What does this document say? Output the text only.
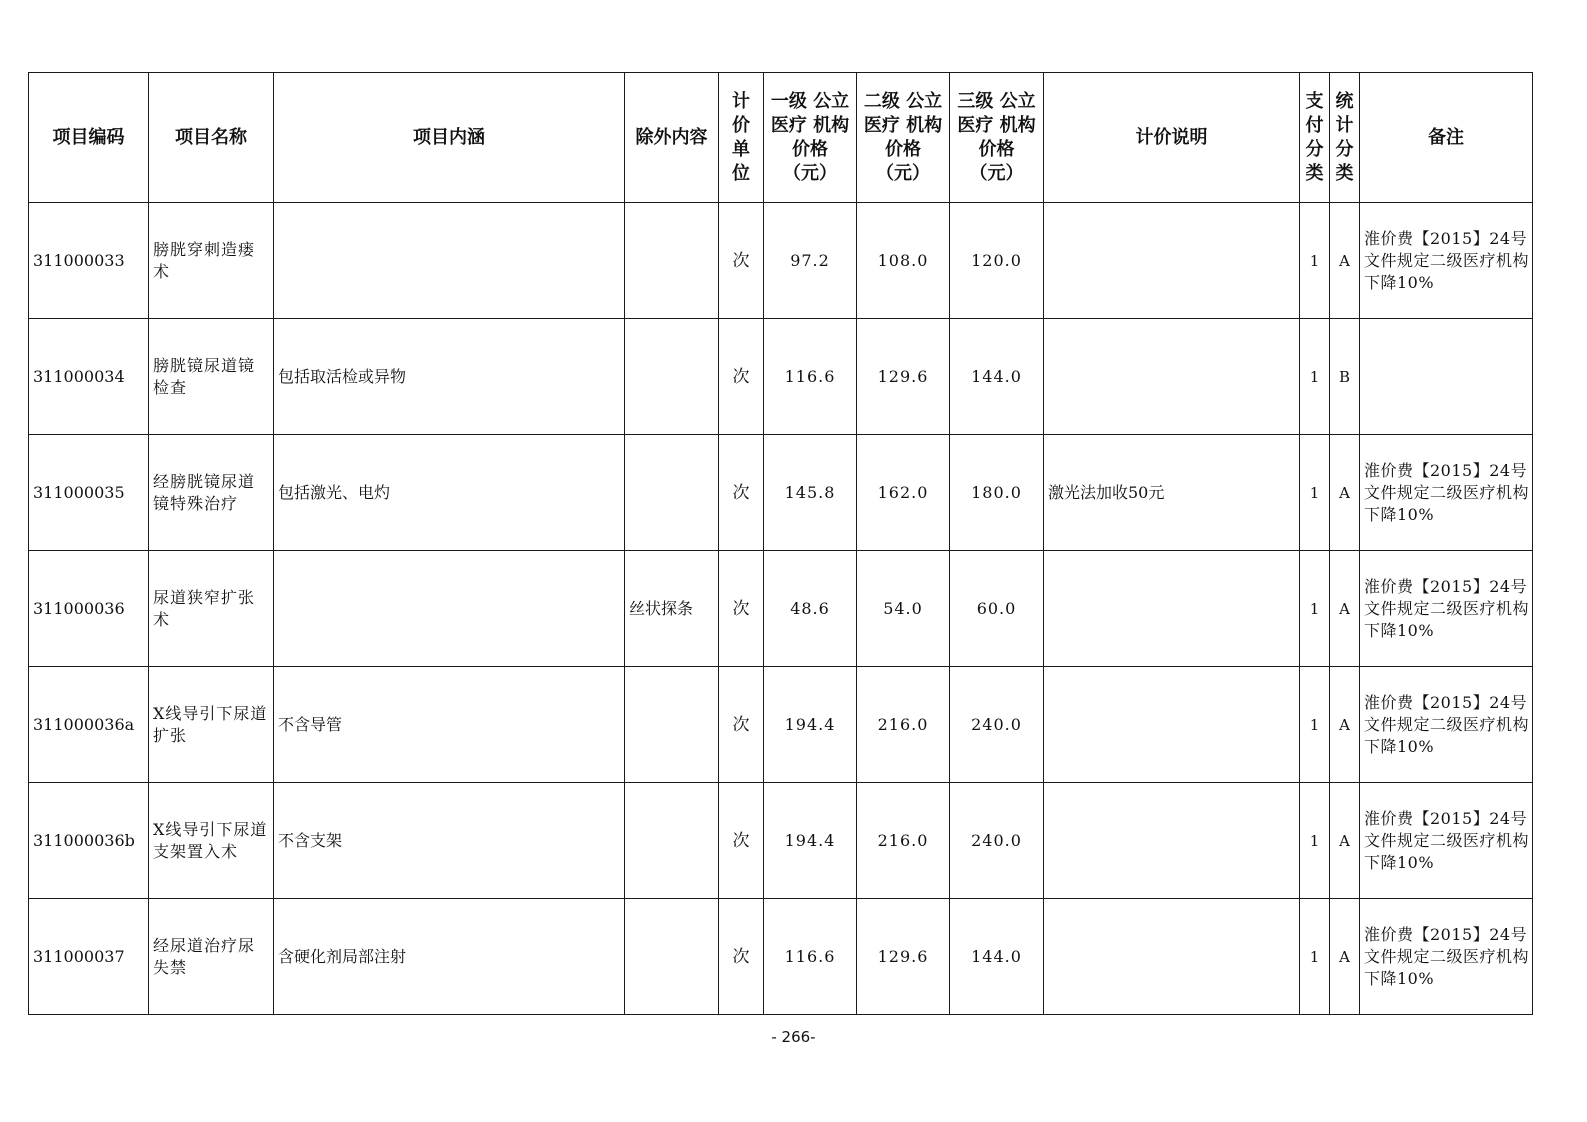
项目编码	项目名称	项目内涵	除外内容	计价单位	一级 公立医疗 机构 价格 （元）	二级 公立医疗 机构 价格 （元）	三级 公立医疗 机构 价格 （元）	计价说明	支付分类	统计分类	备注
311000033	膀胱穿刺造瘘术			次	97.2	108.0	120.0		1	A	淮价费【2015】24号文件规定二级医疗机构下降10%
311000034	膀胱镜尿道镜检查	包括取活检或异物		次	116.6	129.6	144.0		1	B	
311000035	经膀胱镜尿道镜特殊治疗	包括激光、电灼		次	145.8	162.0	180.0	激光法加收50元	1	A	淮价费【2015】24号文件规定二级医疗机构下降10%
311000036	尿道狭窄扩张术		丝状探条	次	48.6	54.0	60.0		1	A	淮价费【2015】24号文件规定二级医疗机构下降10%
311000036a	X线导引下尿道扩张	不含导管		次	194.4	216.0	240.0		1	A	淮价费【2015】24号文件规定二级医疗机构下降10%
311000036b	X线导引下尿道支架置入术	不含支架		次	194.4	216.0	240.0		1	A	淮价费【2015】24号文件规定二级医疗机构下降10%
311000037	经尿道治疗尿失禁	含硬化剂局部注射		次	116.6	129.6	144.0		1	A	淮价费【2015】24号文件规定二级医疗机构下降10%
- 266-
